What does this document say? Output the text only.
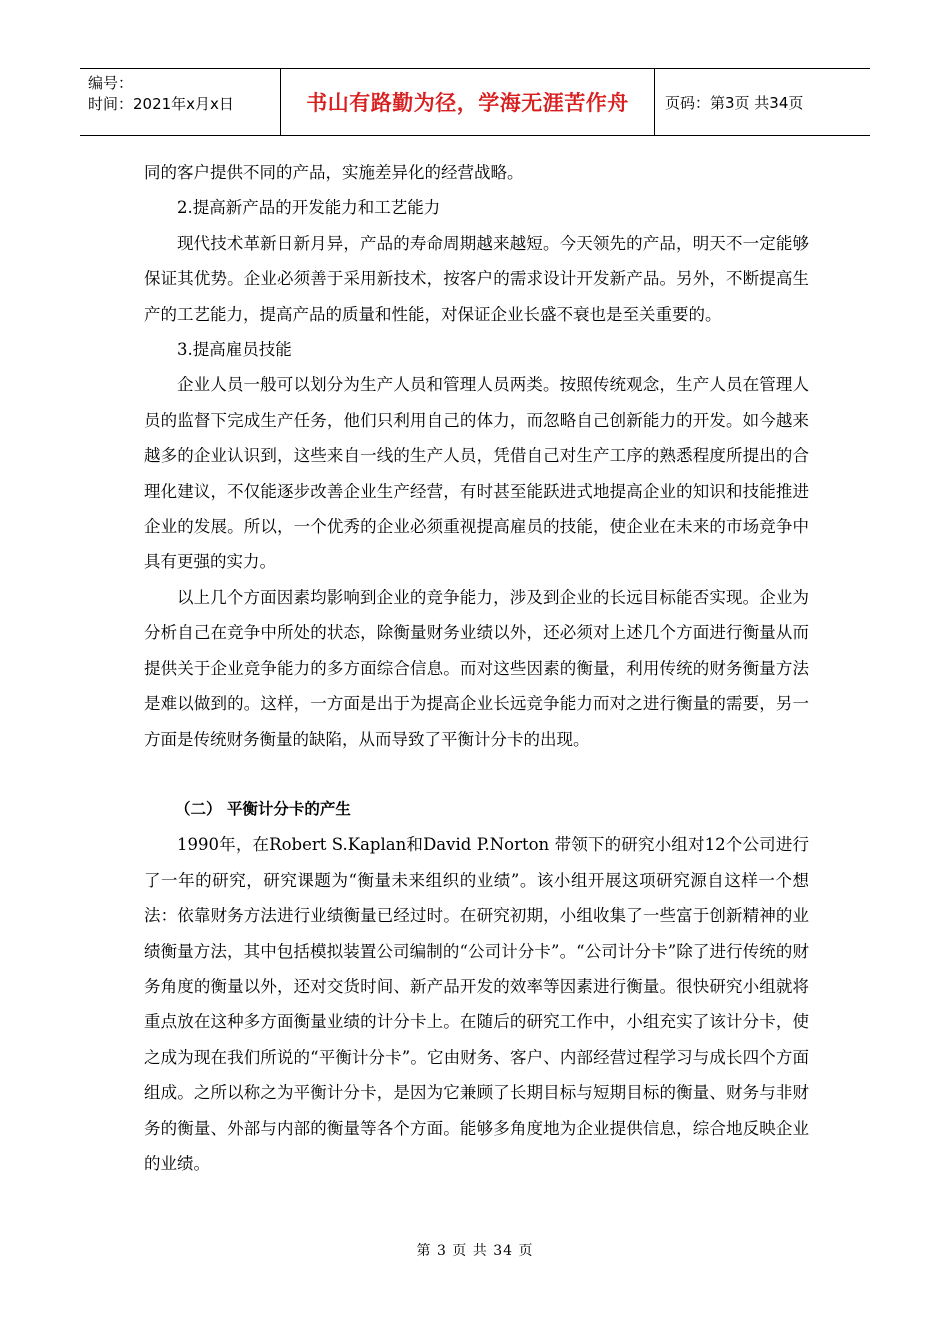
编号：
时间：2021年x月x日	书山有路勤为径，学海无涯苦作舟	页码：第3页 共34页

同的客户提供不同的产品，实施差异化的经营战略。

2.提高新产品的开发能力和工艺能力

现代技术革新日新月异，产品的寿命周期越来越短。今天领先的产品，明天不一定能够保证其优势。企业必须善于采用新技术，按客户的需求设计开发新产品。另外，不断提高生产的工艺能力，提高产品的质量和性能，对保证企业长盛不衰也是至关重要的。

3.提高雇员技能

企业人员一般可以划分为生产人员和管理人员两类。按照传统观念，生产人员在管理人员的监督下完成生产任务，他们只利用自己的体力，而忽略自己创新能力的开发。如今越来越多的企业认识到，这些来自一线的生产人员，凭借自己对生产工序的熟悉程度所提出的合理化建议，不仅能逐步改善企业生产经营，有时甚至能跃进式地提高企业的知识和技能推进企业的发展。所以，一个优秀的企业必须重视提高雇员的技能，使企业在未来的市场竞争中具有更强的实力。

以上几个方面因素均影响到企业的竞争能力，涉及到企业的长远目标能否实现。企业为分析自己在竞争中所处的状态，除衡量财务业绩以外，还必须对上述几个方面进行衡量从而提供关于企业竞争能力的多方面综合信息。而对这些因素的衡量，利用传统的财务衡量方法是难以做到的。这样，一方面是出于为提高企业长远竞争能力而对之进行衡量的需要，另一方面是传统财务衡量的缺陷，从而导致了平衡计分卡的出现。

（二） 平衡计分卡的产生

1990年，在Robert S.Kaplan和David P.Norton 带领下的研究小组对12个公司进行了一年的研究，研究课题为“衡量未来组织的业绩”。该小组开展这项研究源自这样一个想法：依靠财务方法进行业绩衡量已经过时。在研究初期，小组收集了一些富于创新精神的业绩衡量方法，其中包括模拟装置公司编制的“公司计分卡”。“公司计分卡”除了进行传统的财务角度的衡量以外，还对交货时间、新产品开发的效率等因素进行衡量。很快研究小组就将重点放在这种多方面衡量业绩的计分卡上。在随后的研究工作中，小组充实了该计分卡，使之成为现在我们所说的“平衡计分卡”。它由财务、客户、内部经营过程学习与成长四个方面组成。之所以称之为平衡计分卡，是因为它兼顾了长期目标与短期目标的衡量、财务与非财务的衡量、外部与内部的衡量等各个方面。能够多角度地为企业提供信息，综合地反映企业的业绩。

第 3 页 共 34 页
